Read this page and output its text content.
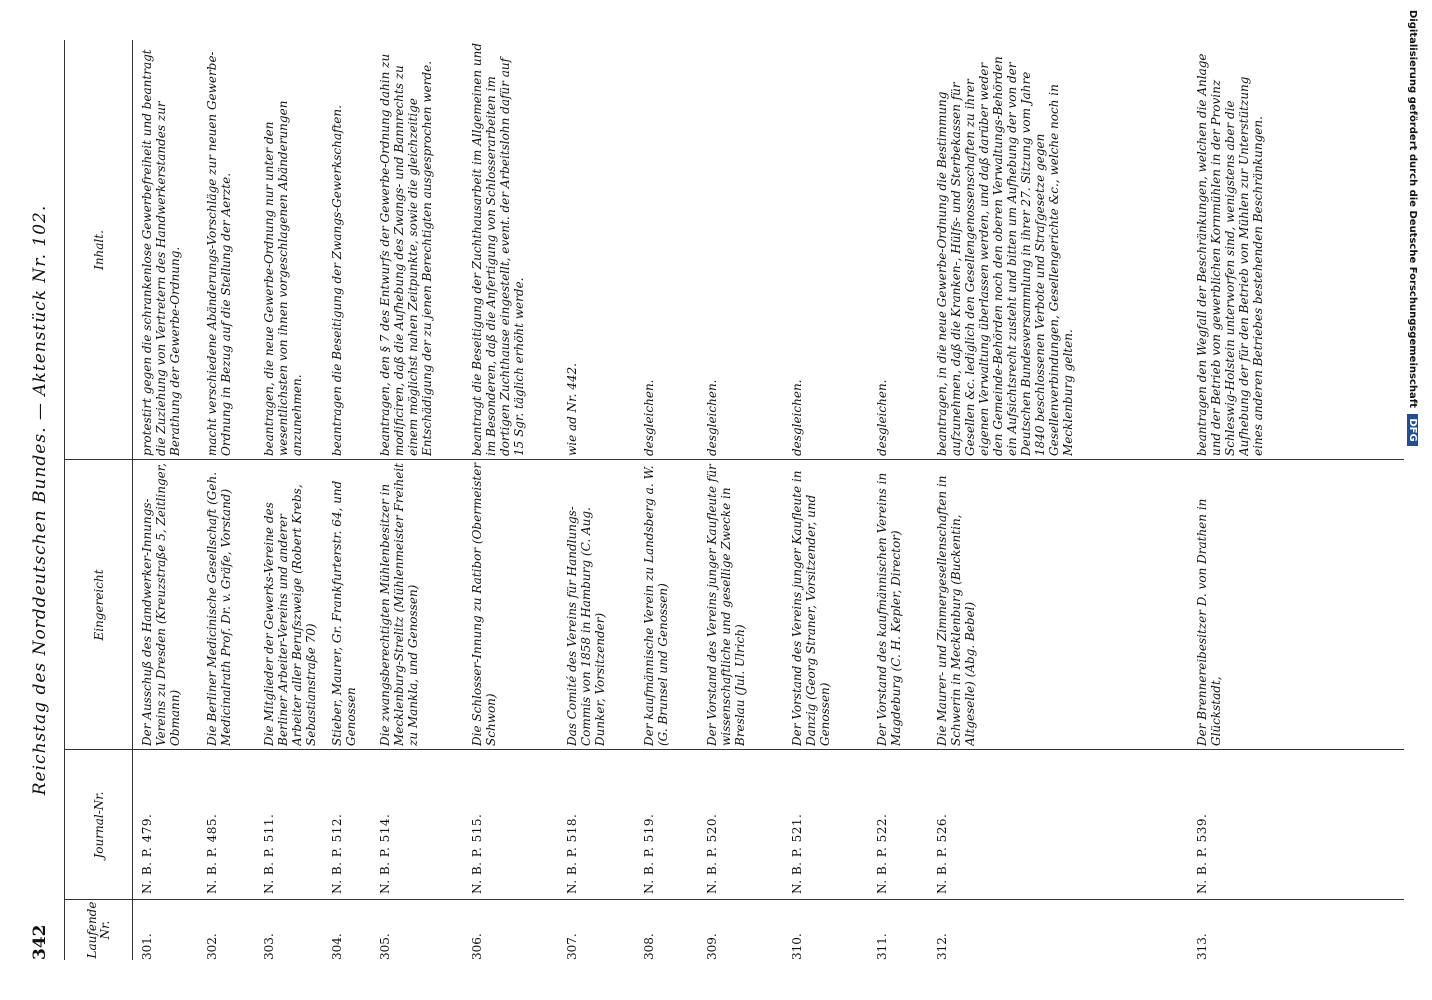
342
Reichstag des Norddeutschen Bundes. — Aktenstück Nr. 102.
Laufende Nr.
Journal-Nr.
Eingereicht
Inhalt.
301.
N. B. P. 479.
Der Ausschuß des Handwerker-Innungs-Vereins zu Dresden (Kreuzstraße 5, Zeitlinger, Obmann)
protestirt gegen die schrankenlose Gewerbefreiheit und beantragt die Zuziehung von Vertretern des Handwerkerstandes zur Berathung der Gewerbe-Ordnung.
302.
N. B. P. 485.
Die Berliner Medicinische Gesellschaft (Geh. Medicinalrath Prof. Dr. v. Gräfe, Vorstand)
macht verschiedene Abänderungs-Vorschläge zur neuen Gewerbe-Ordnung in Bezug auf die Stellung der Aerzte.
303.
N. B. P. 511.
Die Mitglieder der Gewerks-Vereine des Berliner Arbeiter-Vereins und anderer Arbeiter aller Berufszweige (Robert Krebs, Sebastianstraße 70)
beantragen, die neue Gewerbe-Ordnung nur unter den wesentlichsten von ihnen vorgeschlagenen Abänderungen anzunehmen.
304.
N. B. P. 512.
Stieber, Maurer, Gr. Frankfurterstr. 64, und Genossen
beantragen die Beseitigung der Zwangs-Gewerkschaften.
305.
N. B. P. 514.
Die zwangsberechtigten Mühlenbesitzer in Mecklenburg-Strelitz (Mühlenmeister Freiheit zu Mankla, und Genossen)
beantragen, den § 7 des Entwurfs der Gewerbe-Ordnung dahin zu modificiren, daß die Aufhebung des Zwangs- und Bannrechts zu einem möglichst nahen Zeitpunkte, sowie die gleichzeitige Entschädigung der zu jenen Berechtigten ausgesprochen werde.
306.
N. B. P. 515.
Die Schlosser-Innung zu Ratibor (Obermeister Schwon)
beantragt die Beseitigung der Zuchthausarbeit im Allgemeinen und im Besonderen, daß die Anfertigung von Schlosserarbeiten im dortigen Zuchthause eingestellt, event. der Arbeitslohn dafür auf 15 Sgr. täglich erhöht werde.
307.
N. B. P. 518.
Das Comité des Vereins für Handlungs-Commis von 1858 in Hamburg (C. Aug. Dunker, Vorsitzender)
wie ad Nr. 442.
308.
N. B. P. 519.
Der kaufmännische Verein zu Landsberg a. W. (G. Brunsel und Genossen)
desgleichen.
309.
N. B. P. 520.
Der Vorstand des Vereins junger Kaufleute für wissenschaftliche und gesellige Zwecke in Breslau (Jul. Ulrich)
desgleichen.
310.
N. B. P. 521.
Der Vorstand des Vereins junger Kaufleute in Danzig (Georg Straner, Vorsitzender, und Genossen)
desgleichen.
311.
N. B. P. 522.
Der Vorstand des kaufmännischen Vereins in Magdeburg (C. H. Kepler, Director)
desgleichen.
312.
N. B. P. 526.
Die Maurer- und Zimmergesellenschaften in Schwerin in Mecklenburg (Buckentin, Altgeselle) (Abg. Bebel)
beantragen, in die neue Gewerbe-Ordnung die Bestimmung aufzunehmen, daß die Kranken-, Hülfs- und Sterbekassen für Gesellen &c. lediglich den Gesellengenossenschaften zu ihrer eigenen Verwaltung überlassen werden, und daß darüber weder den Gemeinde-Behörden noch den oberen Verwaltungs-Behörden ein Aufsichtsrecht zusteht und bitten um Aufhebung der von der Deutschen Bundesversammlung in ihrer 27. Sitzung vom Jahre 1840 beschlossenen Verbote und Strafgesetze gegen Gesellenverbindungen, Gesellengerichte &c., welche noch in Mecklenburg gelten.
313.
N. B. P. 539.
Der Brennereibesitzer D. von Drathen in Glückstadt,
beantragen den Wegfall der Beschränkungen, welchen die Anlage und der Betrieb von gewerblichen Kornmühlen in der Provinz Schleswig-Holstein unterworfen sind, wenigstens aber die Aufhebung der für den Betrieb von Mühlen zur Unterstützung eines anderen Betriebes bestehenden Beschränkungen.	Digitalisierung gefördert durch die Deutsche Forschungsgemeinschaft DFG
